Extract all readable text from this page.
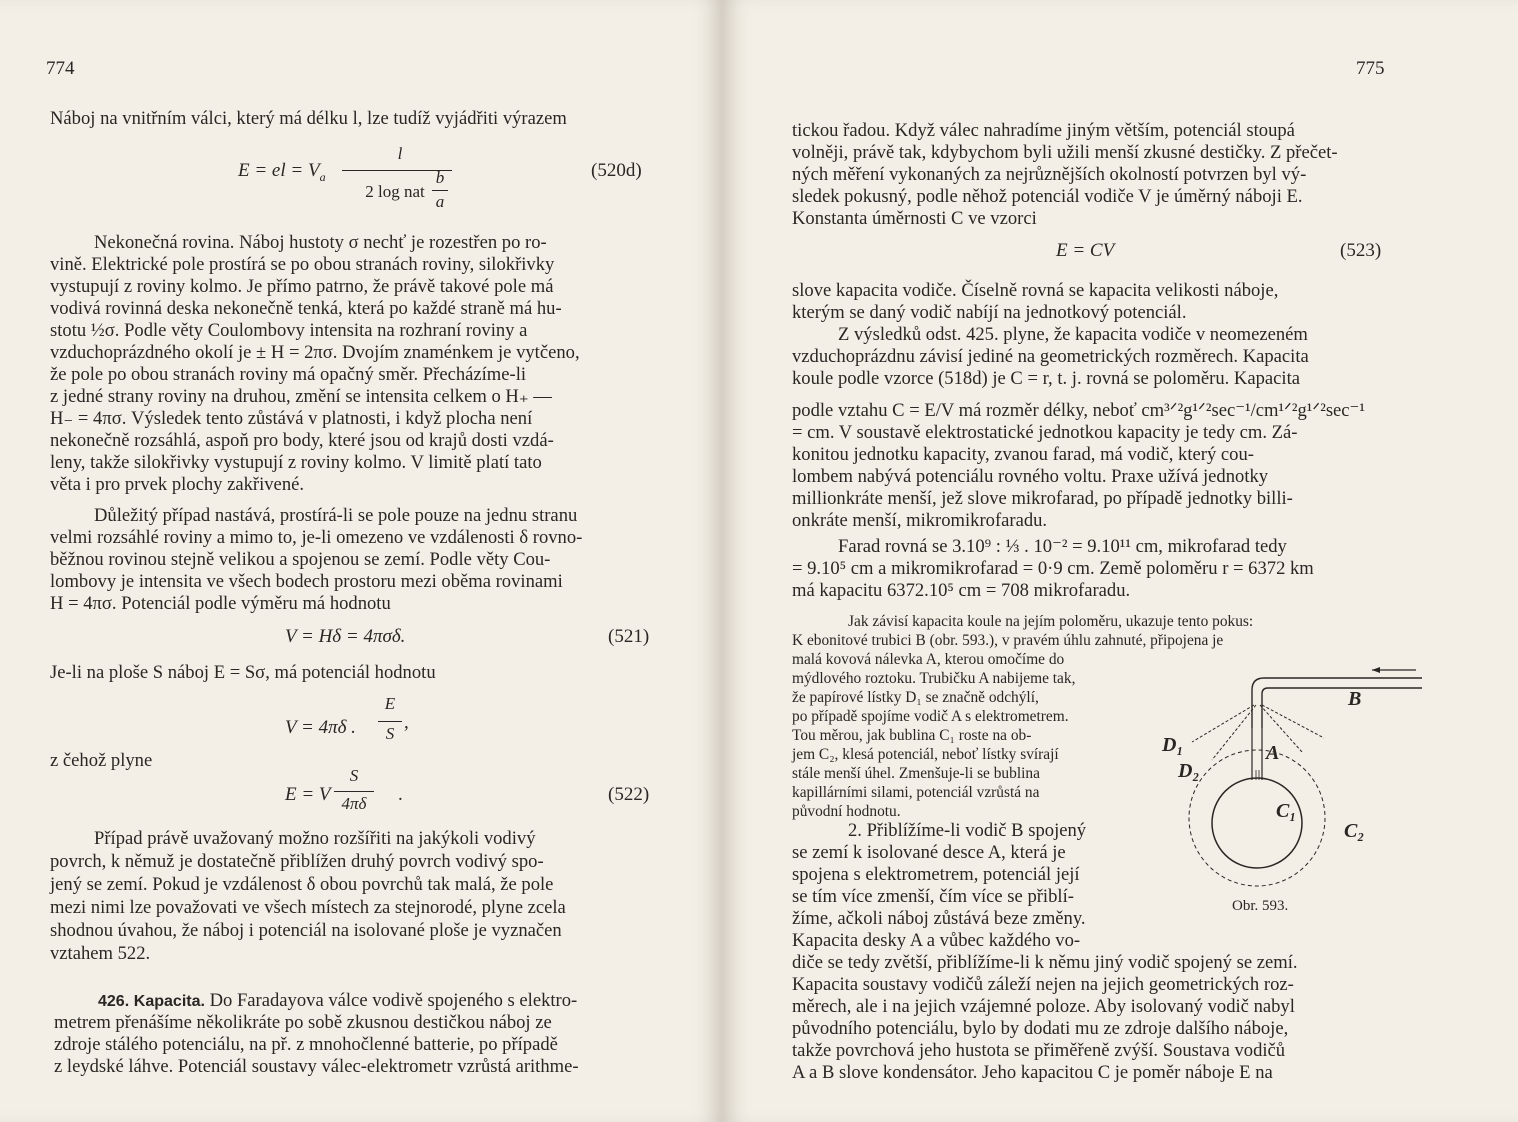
774
Náboj na vnitřním válci, který má délku l, lze tudíž vyjádřiti výrazem
E = el = $V_a$
l
b
2 log nat
a
(520d)
Nekonečná rovina. Náboj hustoty σ nechť je rozestřen po ro-
vině. Elektrické pole prostírá se po obou stranách roviny, silokřivky
vystupují z roviny kolmo. Je přímo patrno, že právě takové pole má
vodivá rovinná deska nekonečně tenká, která po každé straně má hu-
stotu ½σ. Podle věty Coulombovy intensita na rozhraní roviny a
vzduchoprázdného okolí je ± H = 2πσ. Dvojím znaménkem je vytčeno,
že pole po obou stranách roviny má opačný směr. Přecházíme-li
z jedné strany roviny na druhou, změní se intensita celkem o H₊ —
H₋ = 4πσ. Výsledek tento zůstává v platnosti, i když plocha není
nekonečně rozsáhlá, aspoň pro body, které jsou od krajů dosti vzdá-
leny, takže silokřivky vystupují z roviny kolmo. V limitě platí tato
věta i pro prvek plochy zakřivené.
Důležitý případ nastává, prostírá-li se pole pouze na jednu stranu
velmi rozsáhlé roviny a mimo to, je-li omezeno ve vzdálenosti δ rovno-
běžnou rovinou stejně velikou a spojenou se zemí. Podle věty Cou-
lombovy je intensita ve všech bodech prostoru mezi oběma rovinami
H = 4πσ. Potenciál podle výměru má hodnotu
V = Hδ = 4πσδ.	(521)
Je-li na ploše S náboj E = Sσ, má potenciál hodnotu
V = 4πδ .
E
S
,
z čehož plyne
E = V
S
4πδ	.	(522)
Případ právě uvažovaný možno rozšířiti na jakýkoli vodivý
povrch, k němuž je dostatečně přiblížen druhý povrch vodivý spo-
jený se zemí. Pokud je vzdálenost δ obou povrchů tak malá, že pole
mezi nimi lze považovati ve všech místech za stejnorodé, plyne zcela
shodnou úvahou, že náboj i potenciál na isolované ploše je vyznačen
vztahem 522.
426. Kapacita. Do Faradayova válce vodivě spojeného s elektro-
metrem přenášíme několikráte po sobě zkusnou destičkou náboj ze
zdroje stálého potenciálu, na př. z mnohočlenné batterie, po případě
z leydské láhve. Potenciál soustavy válec-elektrometr vzrůstá arithme-
775
tickou řadou. Když válec nahradíme jiným větším, potenciál stoupá
volněji, právě tak, kdybychom byli užili menší zkusné destičky. Z přečet-
ných měření vykonaných za nejrůznějších okolností potvrzen byl vý-
sledek pokusný, podle něhož potenciál vodiče V je úměrný náboji E.
Konstanta úměrnosti C ve vzorci
E = CV	(523)
slove kapacita vodiče. Číselně rovná se kapacita velikosti náboje,
kterým se daný vodič nabíjí na jednotkový potenciál.
Z výsledků odst. 425. plyne, že kapacita vodiče v neomezeném
vzduchoprázdnu závisí jediné na geometrických rozměrech. Kapacita
koule podle vzorce (518d) je C = r, t. j. rovná se poloměru. Kapacita
podle vztahu C = E/V má rozměr délky, neboť cm³ᐟ²g¹ᐟ²sec⁻¹/cm¹ᐟ²g¹ᐟ²sec⁻¹
= cm. V soustavě elektrostatické jednotkou kapacity je tedy cm. Zá-
konitou jednotku kapacity, zvanou farad, má vodič, který cou-
lombem nabývá potenciálu rovného voltu. Praxe užívá jednotky
millionkráte menší, jež slove mikrofarad, po případě jednotky billi-
onkráte menší, mikromikrofaradu.
Farad rovná se 3.10⁹ : ⅓ . 10⁻² = 9.10¹¹ cm, mikrofarad tedy
= 9.10⁵ cm a mikromikrofarad = 0·9 cm. Země poloměru r = 6372 km
má kapacitu 6372.10⁵ cm = 708 mikrofaradu.
Jak závisí kapacita koule na jejím poloměru, ukazuje tento pokus:
K ebonitové trubici B (obr. 593.), v pravém úhlu zahnuté, připojena je
malá kovová nálevka A, kterou omočíme do
mýdlového roztoku. Trubičku A nabijeme tak,
že papírové lístky D₁ se značně odchýlí,
po případě spojíme vodič A s elektrometrem.
Tou měrou, jak bublina C₁ roste na ob-
jem C₂, klesá potenciál, neboť lístky svírají
stále menší úhel. Zmenšuje-li se bublina
kapillárními silami, potenciál vzrůstá na
původní hodnotu.
2. Přiblížíme-li vodič B spojený
se zemí k isolované desce A, která je
spojena s elektrometrem, potenciál její
se tím více zmenší, čím více se přiblí-
žíme, ačkoli náboj zůstává beze změny.
Kapacita desky A a vůbec každého vo-
diče se tedy zvětší, přiblížíme-li k němu jiný vodič spojený se zemí.
Kapacita soustavy vodičů záleží nejen na jejich geometrických roz-
měrech, ale i na jejich vzájemné poloze. Aby isolovaný vodič nabyl
původního potenciálu, bylo by dodati mu ze zdroje dalšího náboje,
takže povrchová jeho hustota se přiměřeně zvýší. Soustava vodičů
A a B slove kondensátor. Jeho kapacitou C je poměr náboje E na
B
A
D₁
D₂
C₁
C₂
Obr. 593.
